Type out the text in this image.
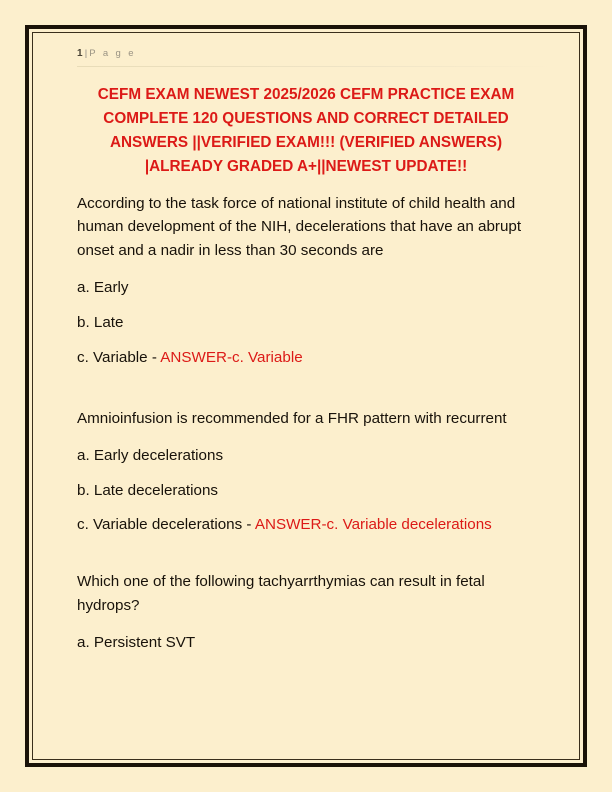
1 | P a g e
CEFM EXAM NEWEST 2025/2026 CEFM PRACTICE EXAM COMPLETE 120 QUESTIONS AND CORRECT DETAILED ANSWERS ||VERIFIED EXAM!!! (VERIFIED ANSWERS) |ALREADY GRADED A+||NEWEST UPDATE!!

According to the task force of national institute of child health and human development of the NIH, decelerations that have an abrupt onset and a nadir in less than 30 seconds are

a. Early

b. Late

c. Variable - ANSWER-c. Variable

Amnioinfusion is recommended for a FHR pattern with recurrent

a. Early decelerations

b. Late decelerations

c. Variable decelerations - ANSWER-c. Variable decelerations

Which one of the following tachyarrthymias can result in fetal hydrops?

a. Persistent SVT
